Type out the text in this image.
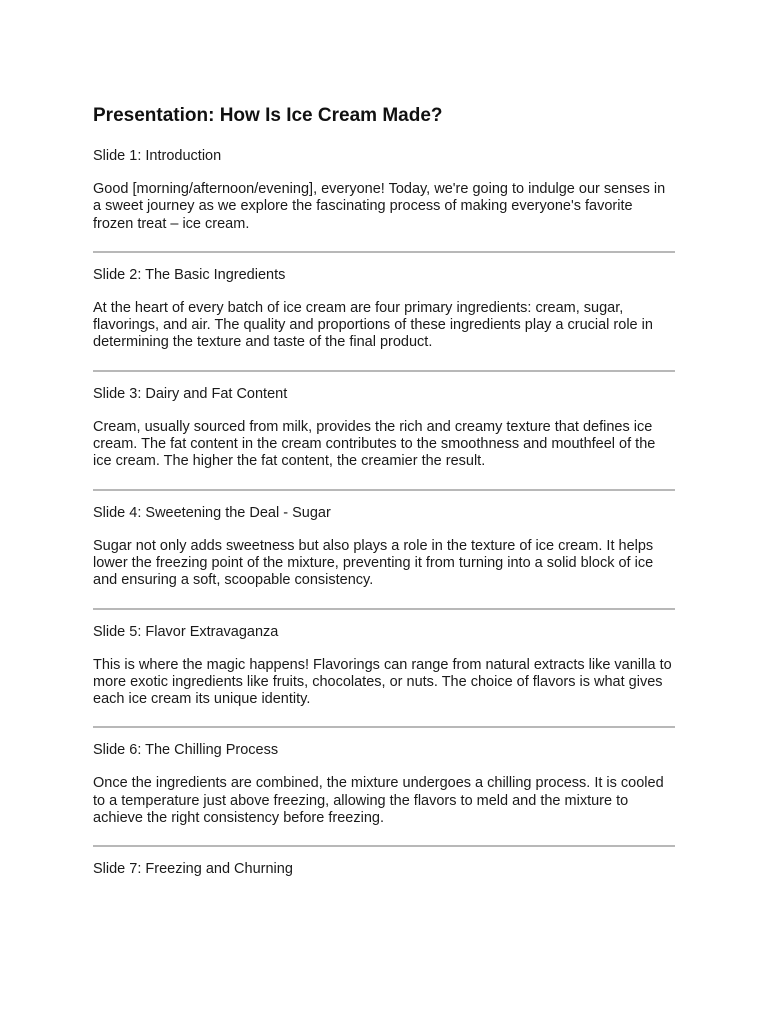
Presentation: How Is Ice Cream Made?
Slide 1: Introduction

Good [morning/afternoon/evening], everyone! Today, we're going to indulge our senses in a sweet journey as we explore the fascinating process of making everyone's favorite frozen treat – ice cream.

Slide 2: The Basic Ingredients

At the heart of every batch of ice cream are four primary ingredients: cream, sugar, flavorings, and air. The quality and proportions of these ingredients play a crucial role in determining the texture and taste of the final product.

Slide 3: Dairy and Fat Content

Cream, usually sourced from milk, provides the rich and creamy texture that defines ice cream. The fat content in the cream contributes to the smoothness and mouthfeel of the ice cream. The higher the fat content, the creamier the result.

Slide 4: Sweetening the Deal - Sugar

Sugar not only adds sweetness but also plays a role in the texture of ice cream. It helps lower the freezing point of the mixture, preventing it from turning into a solid block of ice and ensuring a soft, scoopable consistency.

Slide 5: Flavor Extravaganza

This is where the magic happens! Flavorings can range from natural extracts like vanilla to more exotic ingredients like fruits, chocolates, or nuts. The choice of flavors is what gives each ice cream its unique identity.

Slide 6: The Chilling Process

Once the ingredients are combined, the mixture undergoes a chilling process. It is cooled to a temperature just above freezing, allowing the flavors to meld and the mixture to achieve the right consistency before freezing.

Slide 7: Freezing and Churning
